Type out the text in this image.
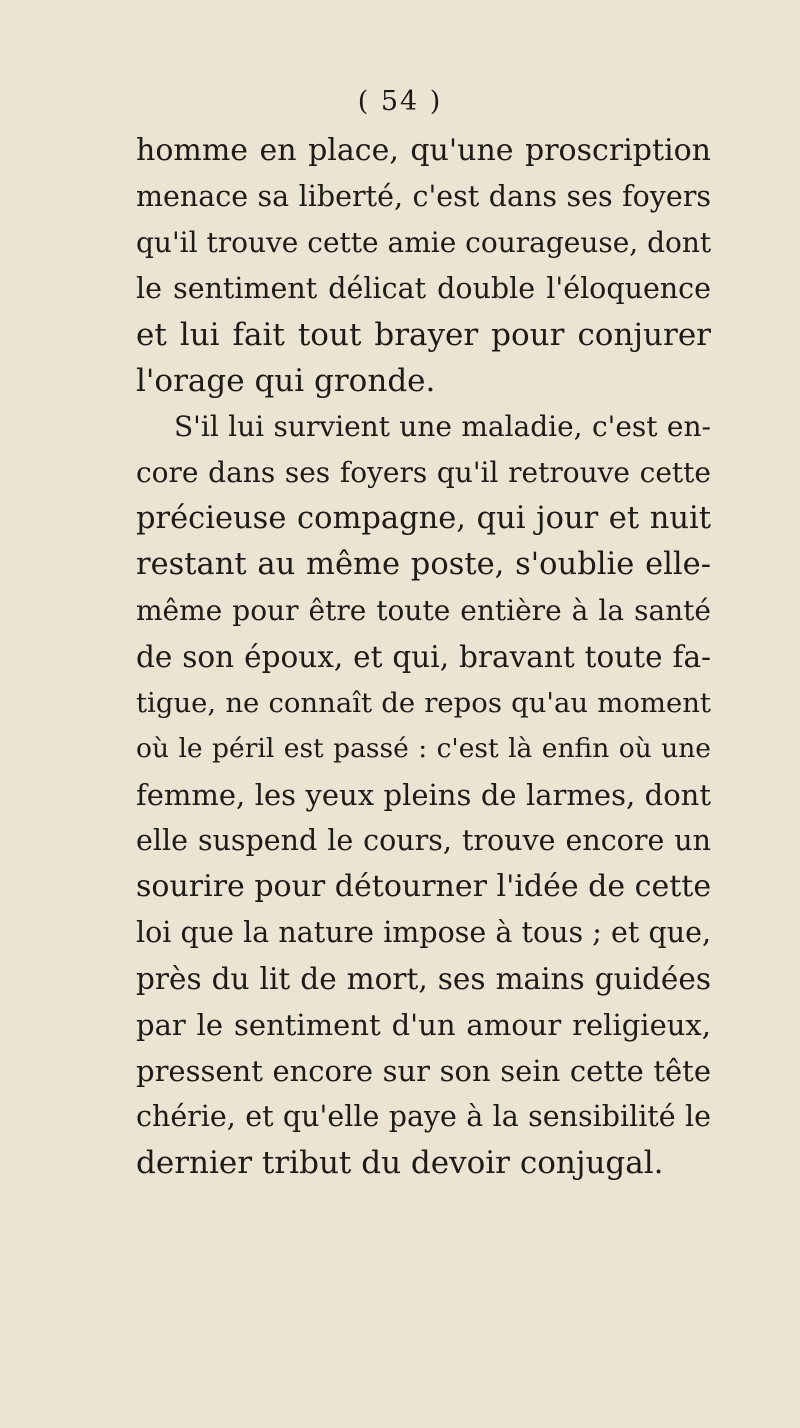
( 54 )
homme en place, qu'une proscription
menace sa liberté, c'est dans ses foyers
qu'il trouve cette amie courageuse, dont
le sentiment délicat double l'éloquence
et lui fait tout brayer pour conjurer
l'orage qui gronde.
S'il lui survient une maladie, c'est en-
core dans ses foyers qu'il retrouve cette
précieuse compagne, qui jour et nuit
restant au même poste, s'oublie elle-
même pour être toute entière à la santé
de son époux, et qui, bravant toute fa-
tigue, ne connaît de repos qu'au moment
où le péril est passé : c'est là enfin où une
femme, les yeux pleins de larmes, dont
elle suspend le cours, trouve encore un
sourire pour détourner l'idée de cette
loi que la nature impose à tous ; et que,
près du lit de mort, ses mains guidées
par le sentiment d'un amour religieux,
pressent encore sur son sein cette tête
chérie, et qu'elle paye à la sensibilité le
dernier tribut du devoir conjugal.
